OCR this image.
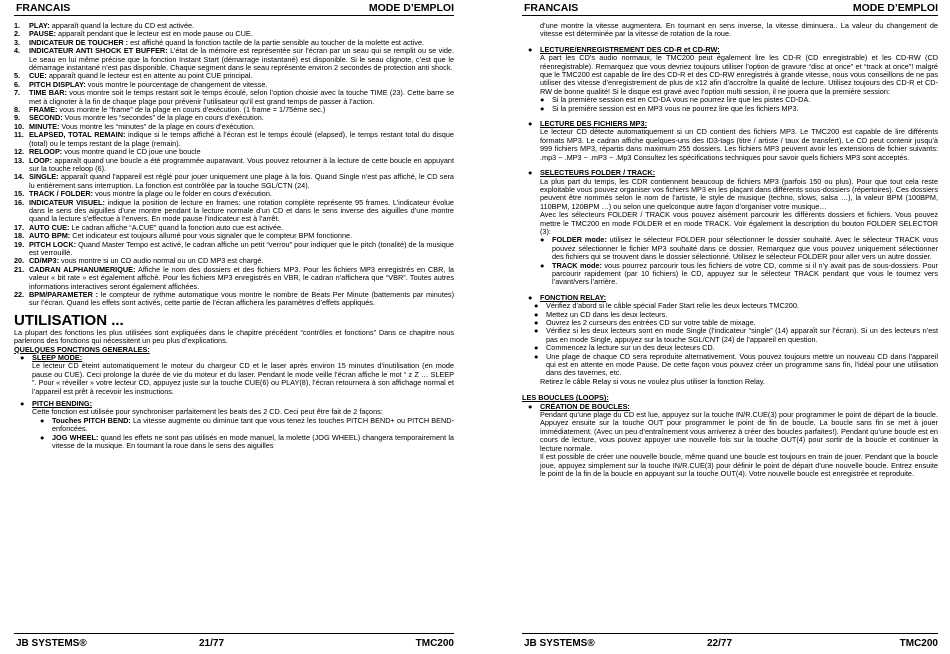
FRANCAIS	MODE D’EMPLOI
1.	PLAY: apparaît quand la lecture du CD est activée.
2.	PAUSE: apparaît pendant que le lecteur est en mode pause ou CUE.
3.	INDICATEUR DE TOUCHER : est affiché quand la fonction tactile de la partie sensible au toucher de la molette est active.
4.	INDICATEUR ANTI SHOCK ET BUFFER: L’état de la mémoire est représentée sur l’écran par un seau qui se remplit ou se vide. Le seau en lui même précise que la fonction Instant Start (démarrage instantané) est disponible. Si le seau clignote, c’est que le démarrage instantané n’est pas disponible. Chaque segment dans le seau représente environ 2 secondes de protection anti shock.
5.	CUE: apparaît quand le lecteur est en attente au point CUE principal.
6.	PITCH DISPLAY: vous montre le pourcentage de changement de vitesse.
7.	TIME BAR: vous montre soit le temps restant soit le temps écoulé, selon l’option choisie avec la touche TIME (23). Cette barre se met à clignoter à la fin de chaque plage pour prévenir l’utilisateur qu’il est grand temps de passer à l’action.
8.	FRAME: vous montre le “frame” de la plage en cours d’exécution. (1 frame = 1/75ème sec.)
9.	SECOND: Vous montre les “secondes” de la plage en cours d’exécution.
10. MINUTE: Vous montre les “minutes” de la plage en cours d’exécution.
11. ELAPSED, TOTAL REMAIN: indique si le temps affiché à l’écran est le temps écoulé (elapsed), le temps restant total du disque (total) ou le temps restant de la plage (remain).
12. RELOOP: vous montre quand le CD joue une boucle
13. LOOP: apparaît quand une boucle a été programmée auparavant. Vous pouvez retourner à la lecture de cette boucle en appuyant sur la touche reloop (6).
14. SINGLE: apparaît quand l’appareil est réglé pour jouer uniquement une plage à la fois. Quand Single n’est pas affiché, le CD sera lu entièrement sans interruption. La fonction est contrôlée par la touche SGL/CTN (24).
15. TRACK / FOLDER: vous montre la plage ou le folder en cours d’exécution.
16. INDICATEUR VISUEL: indique la position de lecture en frames: une rotation complète représente 95 frames. L’indicateur évolue dans le sens des aiguilles d’une montre pendant la lecture normale d’un CD et dans le sens inverse des aiguilles d’une montre quand la lecture s’effectue à l’envers. En mode pause l’indicateur est à l’arrêt.
17. AUTO CUE: Le cadran affiche “A.CUE” quand la fonction auto cue est activée.
18. AUTO BPM: Cet indicateur est toujours allumé pour vous signaler que le compteur BPM fonctionne.
19. PITCH LOCK: Quand Master Tempo est activé, le cadran affiche un petit “verrou” pour indiquer que le pitch (tonalité) de la musique est verrouillé.
20. CD/MP3: vous montre si un CD audio normal ou un CD MP3 est chargé.
21. CADRAN ALPHANUMERIQUE: Affiche le nom des dossiers et des fichiers MP3. Pour les fichiers MP3 enregistrés en CBR, la valeur « bit rate » est également affiché. Pour les fichiers MP3 enregistrés en VBR, le cadran n’affichera que “VBR”. Toutes autres informations interactives seront également affichées.
22. BPM/PARAMETER : le compteur de rythme automatique vous montre le nombre de Beats Per Minute (battements par minutes) sur l’écran. Quand les effets sont activés, cette partie de l’écran affichera les paramètres d’effets appliqués.
UTILISATION ...

La plupart des fonctions les plus utilisées sont expliquées dans le chapitre précédent “contrôles et fonctions” Dans ce chapitre nous parlerons des fonctions qui nécessitent un peu plus d’explications.

QUELQUES FONCTIONS GENERALES:
●	SLEEP MODE:

Le lecteur CD éteint automatiquement le moteur du chargeur CD et le laser après environ 15 minutes d’inutilisation (en mode pause ou CUE). Ceci prolonge la durée de vie du moteur et du laser. Pendant le mode veille l’écran affiche le mot “ z Z … SLEEP ”. Pour « réveiller » votre lecteur CD, appuyez juste sur la touche CUE(6) ou PLAY(8), l’écran retournera à son affichage normal et l’appareil est prêt à recevoir les instructions.

●	PITCH BENDING:

Cette fonction est utilisée pour synchroniser parfaitement les beats des 2 CD. Ceci peut être fait de 2 façons:

●	Touches PITCH BEND: La vitesse augmente ou diminue tant que vous tenez les touches PITCH BEND+ ou PITCH BEND- enfoncées.
●	JOG WHEEL: quand les effets ne sont pas utilisés en mode manuel, la molette (JOG WHEEL) changera temporairement la vitesse de la musique. En tournant la roue dans le sens des aiguilles
JB SYSTEMS®	21/77	TMC200
FRANCAIS	MODE D’EMPLOI

d’une montre la vitesse augmentera. En tournant en sens inverse, la vitesse diminuera.. La valeur du changement de vitesse est déterminée par la vitesse de rotation de la roue.

●	LECTURE/ENREGISTREMENT DES CD-R et CD-RW:

A part les CD’s audio normaux, le TMC200 peut également lire les CD-R (CD enregistrable) et les CD-RW (CD réenregistrable). Remarquez que vous devriez toujours utiliser l’option de gravure “disc at once” et “track at once”! malgré que le TMC200 est capable de lire des CD-R et des CD-RW enregistrés à grande vitesse, nous vous conseillons de ne pas utiliser des vitesse d’enregistrement de plus de x12 afin d’accroître la qualité de lecture. Utilisez toujours des CD-R et CD-RW de bonne qualité! Si le disque est gravé avec l’option multi session, il ne jouera que la première session:

●	Si la première session est en CD-DA vous ne pourrez lire que les pistes CD-DA.
●	Si la première session est en MP3 vous ne pourrez lire que les fichiers MP3.
●	LECTURE DES FICHIERS MP3:

Le lecteur CD détecte automatiquement si un CD contient des fichiers MP3. Le TMC200 est capable de lire différents formats MP3. Le cadran affiche quelques-uns des ID3-tags (titre / artiste / taux de transfert). Le CD peut contenir jusqu’à 999 fichiers MP3, répartis dans maximum 255 dossiers. Les fichiers MP3 peuvent avoir les extensions de fichier suivants: .mp3 ~ .MP3 ~ .mP3 ~ .Mp3 Consultez les spécifications techniques pour savoir quels fichiers MP3 sont acceptés.

●	SELECTEURS FOLDER / TRACK:

La plus part du temps, les CDR contiennent beaucoup de fichiers MP3 (parfois 150 ou plus). Pour que tout cela reste exploitable vous pouvez organiser vos fichiers MP3 en les plaçant dans différents sous-dossiers (répertoires). Ces dossiers peuvent être nommés selon le nom de l’artiste, le style de musique (techno, slows, salsa …), la valeur BPM (100BPM, 110BPM, 120BPM …) ou selon une quelconque autre façon d’organiser votre musique…

Avec les sélecteurs FOLDER / TRACK vous pouvez aisément parcourir les différents dossiers et fichiers. Vous pouvez mettre le TMC200 en mode FOLDER et en mode TRACK. Voir également la description du bouton FOLDER SELECTOR (3):

●	FOLDER mode: utilisez le sélecteur FOLDER pour sélectionner le dossier souhaité. Avec le sélecteur TRACK vous pouvez sélectionner le fichier MP3 souhaité dans ce dossier. Remarquez que vous pouvez uniquement sélectionner des fichiers qui se trouvent dans le dossier sélectionné. Utilisez le sélecteur FOLDER pour aller vers un autre dossier.
●	TRACK mode: vous pourrez parcourir tous les fichiers de votre CD, comme si il n’y avait pas de sous-dossiers. Pour parcourir rapidement (par 10 fichiers) le CD, appuyez sur le sélecteur TRACK pendant que vous le tournez vers l’avant/vers l’arrière.
●	FONCTION RELAY:
●	Vérifiez d’abord si le câble spécial Fader Start relie les deux lecteurs TMC200.
●	Mettez un CD dans les deux lecteurs.
●	Ouvrez les 2 curseurs des entrées CD sur votre table de mixage.
●	Vérifiez si les deux lecteurs sont en mode Single (l’indicateur “single” (14) apparaît sur l’écran). Si un des lecteurs n’est pas en mode Single, appuyez sur la touche SGL/CNT (24) de l’appareil en question.
●	Commencez la lecture sur un des deux lecteurs CD.
●	Une plage de chaque CD sera reproduite alternativement. Vous pouvez toujours mettre un nouveau CD dans l’appareil qui est en attente en mode Pause. De cette façon vous pouvez créer un programme sans fin, l’idéal pour une utilisation dans des tavernes, etc.

Retirez le câble Relay si vous ne voulez plus utiliser la fonction Relay.

LES BOUCLES (LOOPS):
●	CRÉATION DE BOUCLES:

Pendant qu’une plage du CD est lue, appuyez sur la touche IN/R.CUE(3) pour programmer le point de départ de la boucle. Appuyez ensuite sur la touche OUT pour programmer le point de fin de boucle. La boucle sans fin se met à jouer immédiatement. (Avec un peu d’entraînement vous arriverez à créer des boucles parfaites!). Pendant qu’une boucle est en cours de lecture, vous pouvez appuyer une nouvelle fois sur la touche OUT(4) pour sortir de la boucle et continuer la lecture normale.

Il est possible de créer une nouvelle boucle, même quand une boucle est toujours en train de jouer. Pendant que la boucle joue, appuyez simplement sur la touche IN/R.CUE(3) pour définir le point de départ d’une nouvelle boucle. Entrez ensuite le point de la fin de la boucle en appuyant sur la touche OUT(4). Votre nouvelle boucle est enregistrée et reproduite.

JB SYSTEMS®	22/77	TMC200
